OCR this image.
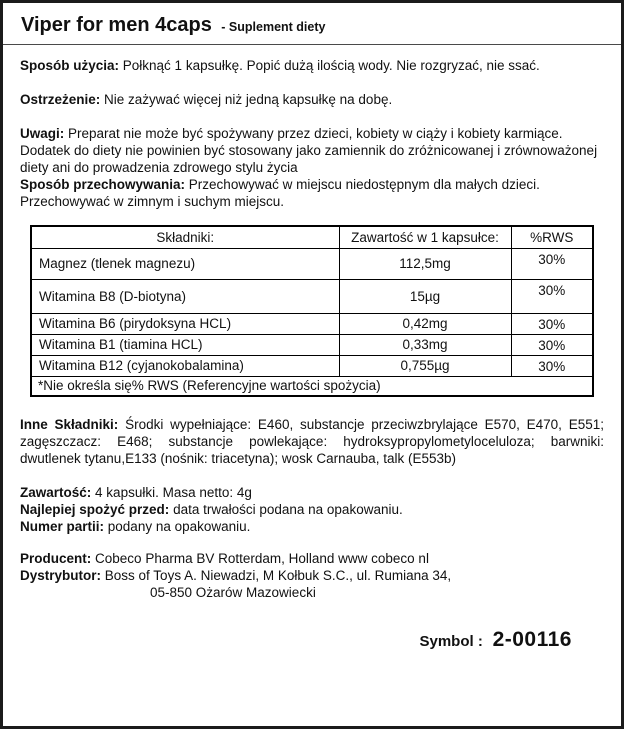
Viper for men 4caps - Suplement diety

Sposób użycia: Połknąć 1 kapsułkę. Popić dużą ilością wody. Nie rozgryzać, nie ssać.

Ostrzeżenie: Nie zażywać więcej niż jedną kapsułkę na dobę.

Uwagi: Preparat nie może być spożywany przez dzieci, kobiety w ciąży i kobiety karmiące. Dodatek do diety nie powinien być stosowany jako zamiennik do zróżnicowanej i zrównoważonej diety ani do prowadzenia zdrowego stylu życia

Sposób przechowywania: Przechowywać w miejscu niedostępnym dla małych dzieci. Przechowywać w zimnym i suchym miejscu.

Składniki:	Zawartość w 1 kapsułce:	%RWS
Magnez (tlenek magnezu)	112,5mg	30%
Witamina B8 (D-biotyna)	15µg	30%
Witamina B6 (pirydoksyna HCL)	0,42mg	30%
Witamina B1 (tiamina HCL)	0,33mg	30%
Witamina B12 (cyjanokobalamina)	0,755µg	30%
*Nie określa się% RWS (Referencyjne wartości spożycia)		

Inne Składniki: Środki wypełniające: E460, substancje przeciwzbrylające E570, E470, E551; zagęszczacz: E468; substancje powlekające: hydroksypropylometyloceluloza; barwniki: dwutlenek tytanu,E133 (nośnik: triacetyna); wosk Carnauba, talk (E553b)

Zawartość: 4 kapsułki. Masa netto: 4g
Najlepiej spożyć przed: data trwałości podana na opakowaniu.
Numer partii: podany na opakowaniu.
Producent: Cobeco Pharma BV Rotterdam, Holland www cobeco nl
Dystrybutor: Boss of Toys A. Niewadzi, M Kołbuk S.C., ul. Rumiana 34,
05-850 Ożarów Mazowiecki
Symbol : 2-00116
